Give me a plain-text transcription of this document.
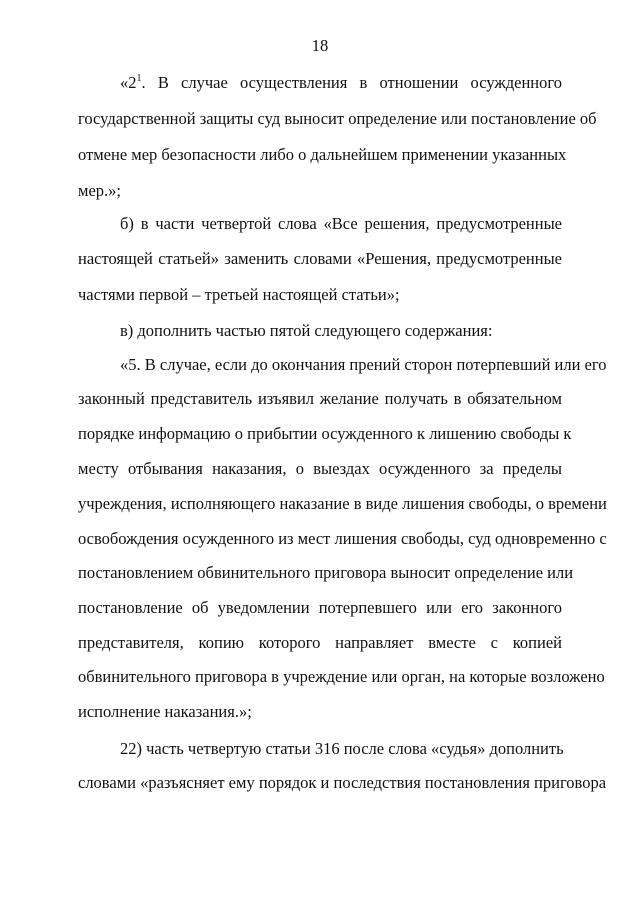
18
«$2^1$. В случае осуществления в отношении осужденного
государственной защиты суд выносит определение или постановление об
отмене мер безопасности либо о дальнейшем применении указанных
мер.»;
б) в части четвертой слова «Все решения, предусмотренные
настоящей статьей» заменить словами «Решения, предусмотренные
частями первой – третьей настоящей статьи»;
в) дополнить частью пятой следующего содержания:
«5. В случае, если до окончания прений сторон потерпевший или его
законный представитель изъявил желание получать в обязательном
порядке информацию о прибытии осужденного к лишению свободы к
месту отбывания наказания, о выездах осужденного за пределы
учреждения, исполняющего наказание в виде лишения свободы, о времени
освобождения осужденного из мест лишения свободы, суд одновременно с
постановлением обвинительного приговора выносит определение или
постановление об уведомлении потерпевшего или его законного
представителя, копию которого направляет вместе с копией
обвинительного приговора в учреждение или орган, на которые возложено
исполнение наказания.»;
22) часть четвертую статьи 316 после слова «судья» дополнить
словами «разъясняет ему порядок и последствия постановления приговора
